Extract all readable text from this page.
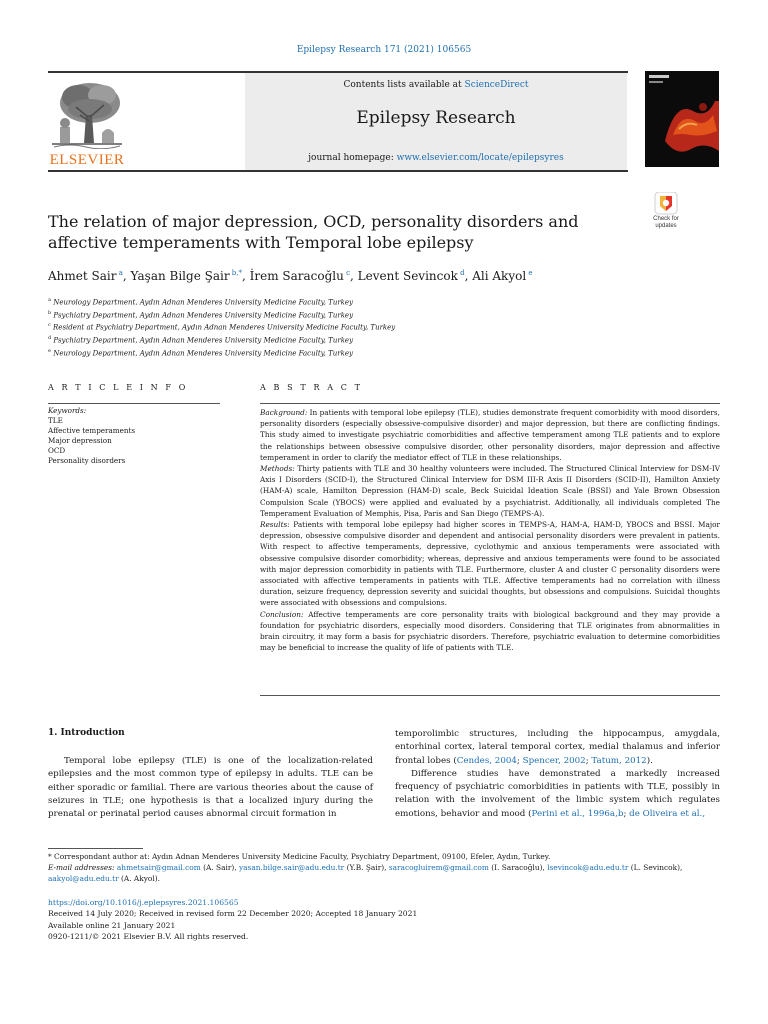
Epilepsy Research 171 (2021) 106565
ELSEVIER
Contents lists available at ScienceDirect
Epilepsy Research
journal homepage: www.elsevier.com/locate/epilepsyres
Check for
updates
The relation of major depression, OCD, personality disorders and affective temperaments with Temporal lobe epilepsy
Ahmet Sair $^a$, Yaşan Bilge Şair $^{b,*}$, İrem Saracoğlu $^c$, Levent Sevincok $^d$, Ali Akyol $^e$
$^a$ Neurology Department, Aydın Adnan Menderes University Medicine Faculty, Turkey
$^b$ Psychiatry Department, Aydın Adnan Menderes University Medicine Faculty, Turkey
$^c$ Resident at Psychiatry Department, Aydın Adnan Menderes University Medicine Faculty, Turkey
$^d$ Psychiatry Department, Aydın Adnan Menderes University Medicine Faculty, Turkey
$^e$ Neurology Department, Aydın Adnan Menderes University Medicine Faculty, Turkey
A R T I C L E I N F O
Keywords:
TLE
Affective temperaments
Major depression
OCD
Personality disorders
A B S T R A C T

Background: In patients with temporal lobe epilepsy (TLE), studies demonstrate frequent comorbidity with mood disorders, personality disorders (especially obsessive-compulsive disorder) and major depression, but there are conflicting findings. This study aimed to investigate psychiatric comorbidities and affective temperament among TLE patients and to explore the relationships between obsessive compulsive disorder, other personality disorders, major depression and affective temperament in order to clarify the mediator effect of TLE in these relationships.

Methods: Thirty patients with TLE and 30 healthy volunteers were included. The Structured Clinical Interview for DSM-IV Axis I Disorders (SCID-I), the Structured Clinical Interview for DSM III-R Axis II Disorders (SCID-II), Hamilton Anxiety (HAM-A) scale, Hamilton Depression (HAM-D) scale, Beck Suicidal Ideation Scale (BSSI) and Yale Brown Obsession Compulsion Scale (YBOCS) were applied and evaluated by a psychiatrist. Additionally, all individuals completed The Temperament Evaluation of Memphis, Pisa, Paris and San Diego (TEMPS-A).

Results: Patients with temporal lobe epilepsy had higher scores in TEMPS-A, HAM-A, HAM-D, YBOCS and BSSI. Major depression, obsessive compulsive disorder and dependent and antisocial personality disorders were prevalent in patients. With respect to affective temperaments, depressive, cyclothymic and anxious temperaments were associated with obsessive compulsive disorder comorbidity; whereas, depressive and anxious temperaments were found to be associated with major depression comorbidity in patients with TLE. Furthermore, cluster A and cluster C personality disorders were associated with affective temperaments in patients with TLE. Affective temperaments had no correlation with illness duration, seizure frequency, depression severity and suicidal thoughts, but obsessions and compulsions. Suicidal thoughts were associated with obsessions and compulsions.

Conclusion: Affective temperaments are core personality traits with biological background and they may provide a foundation for psychiatric disorders, especially mood disorders. Considering that TLE originates from abnormalities in brain circuitry, it may form a basis for psychiatric disorders. Therefore, psychiatric evaluation to determine comorbidities may be beneficial to increase the quality of life of patients with TLE.

1. Introduction

Temporal lobe epilepsy (TLE) is one of the localization-related epilepsies and the most common type of epilepsy in adults. TLE can be either sporadic or familial. There are various theories about the cause of seizures in TLE; one hypothesis is that a localized injury during the prenatal or perinatal period causes abnormal circuit formation in

temporolimbic structures, including the hippocampus, amygdala, entorhinal cortex, lateral temporal cortex, medial thalamus and inferior frontal lobes (Cendes, 2004; Spencer, 2002; Tatum, 2012).

Difference studies have demonstrated a markedly increased frequency of psychiatric comorbidities in patients with TLE, possibly in relation with the involvement of the limbic system which regulates emotions, behavior and mood (Perini et al., 1996a,b; de Oliveira et al.,

* Correspondant author at: Aydın Adnan Menderes University Medicine Faculty, Psychiatry Department, 09100, Efeler, Aydın, Turkey.

E-mail addresses: ahmetsair@gmail.com (A. Sair), yasan.bilge.sair@adu.edu.tr (Y.B. Şair), saracogluirem@gmail.com (I. Saracoğlu), lsevincok@adu.edu.tr (L. Sevincok), aakyol@adu.edu.tr (A. Akyol).

https://doi.org/10.1016/j.eplepsyres.2021.106565

Received 14 July 2020; Received in revised form 22 December 2020; Accepted 18 January 2021

Available online 21 January 2021

0920-1211/© 2021 Elsevier B.V. All rights reserved.
